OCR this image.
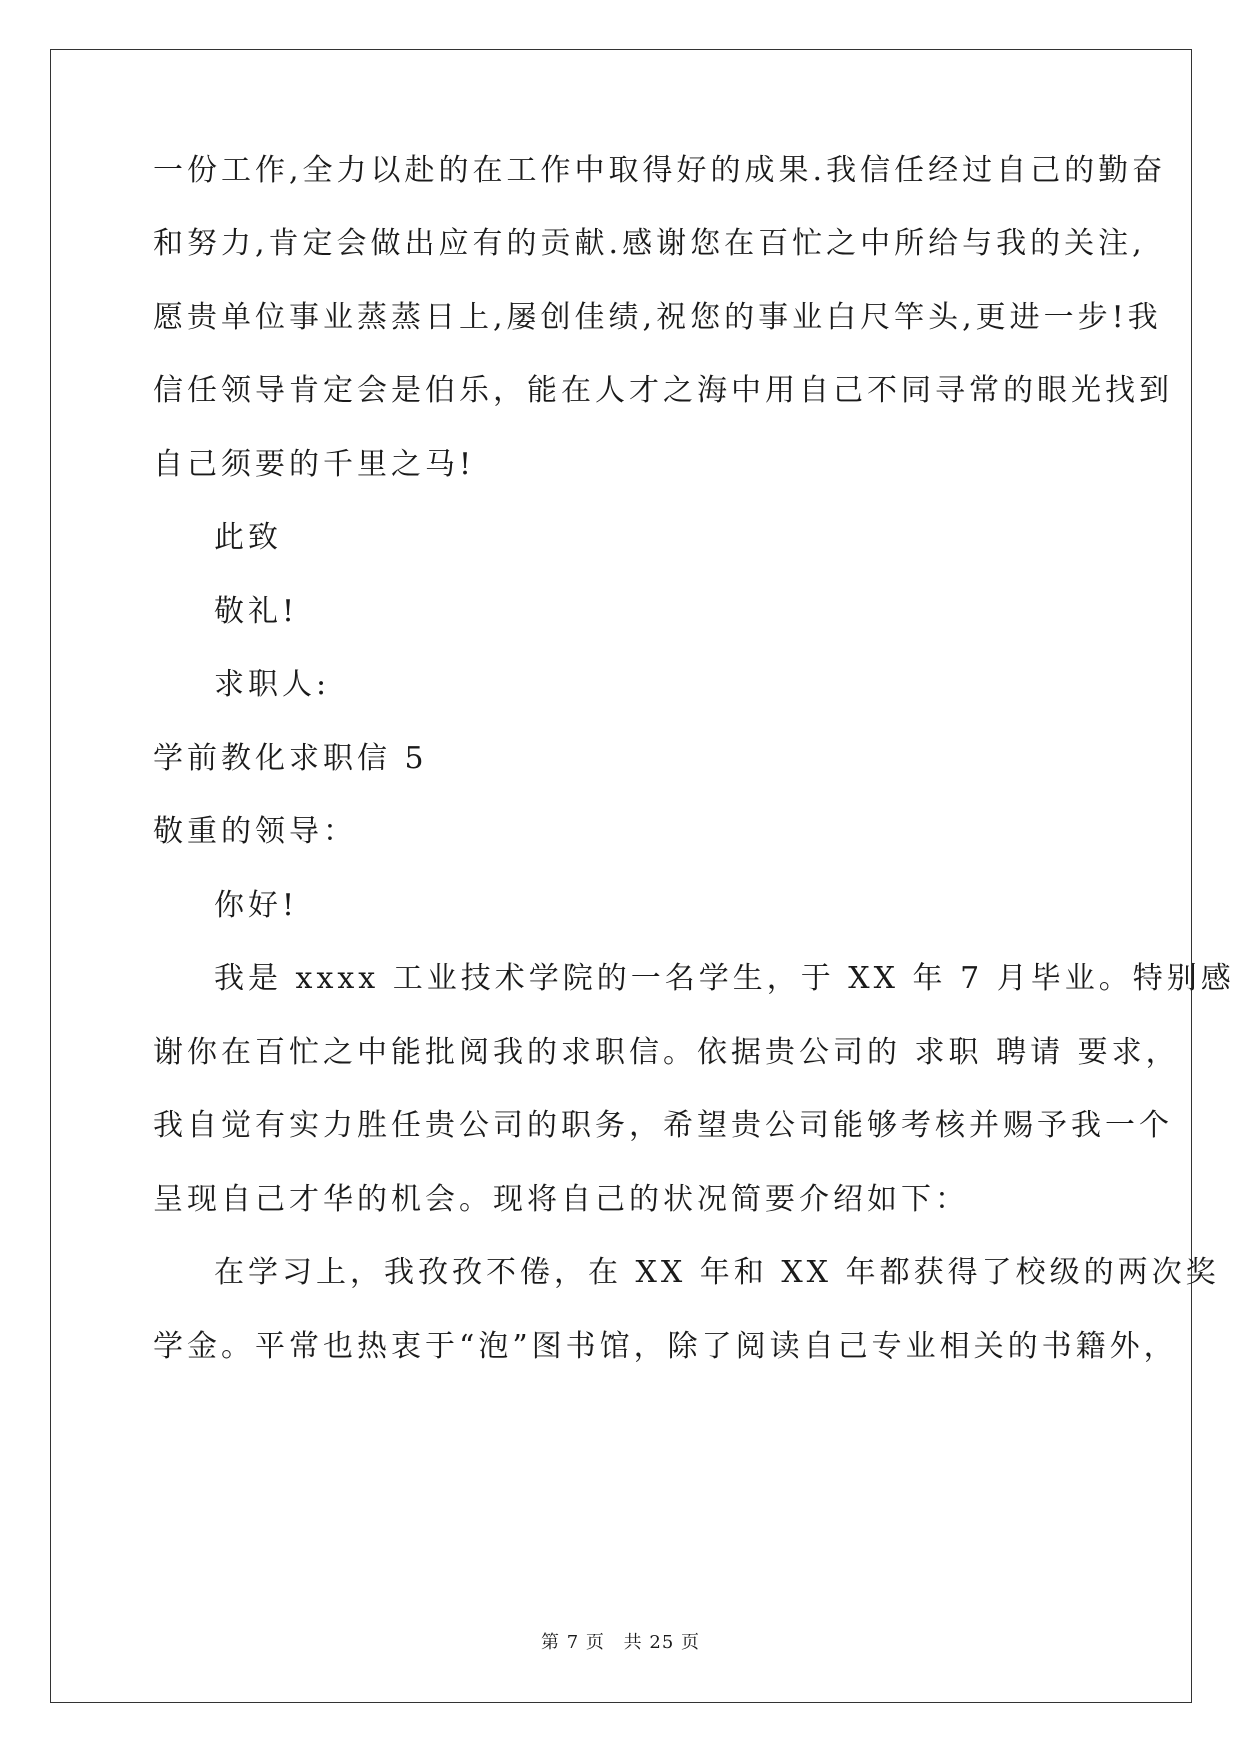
一份工作,全力以赴的在工作中取得好的成果.我信任经过自己的勤奋
和努力,肯定会做出应有的贡献.感谢您在百忙之中所给与我的关注,
愿贵单位事业蒸蒸日上,屡创佳绩,祝您的事业白尺竿头,更进一步!我
信任领导肯定会是伯乐，能在人才之海中用自己不同寻常的眼光找到
自己须要的千里之马!
此致
敬礼!
求职人:
学前教化求职信 5
敬重的领导：
你好!
我是 xxxx 工业技术学院的一名学生，于 XX 年 7 月毕业。特别感
谢你在百忙之中能批阅我的求职信。依据贵公司的 求职 聘请 要求，
我自觉有实力胜任贵公司的职务，希望贵公司能够考核并赐予我一个
呈现自己才华的机会。现将自己的状况简要介绍如下：
在学习上，我孜孜不倦，在 XX 年和 XX 年都获得了校级的两次奖
学金。平常也热衷于“泡”图书馆，除了阅读自己专业相关的书籍外，
第 7 页 共 25 页
